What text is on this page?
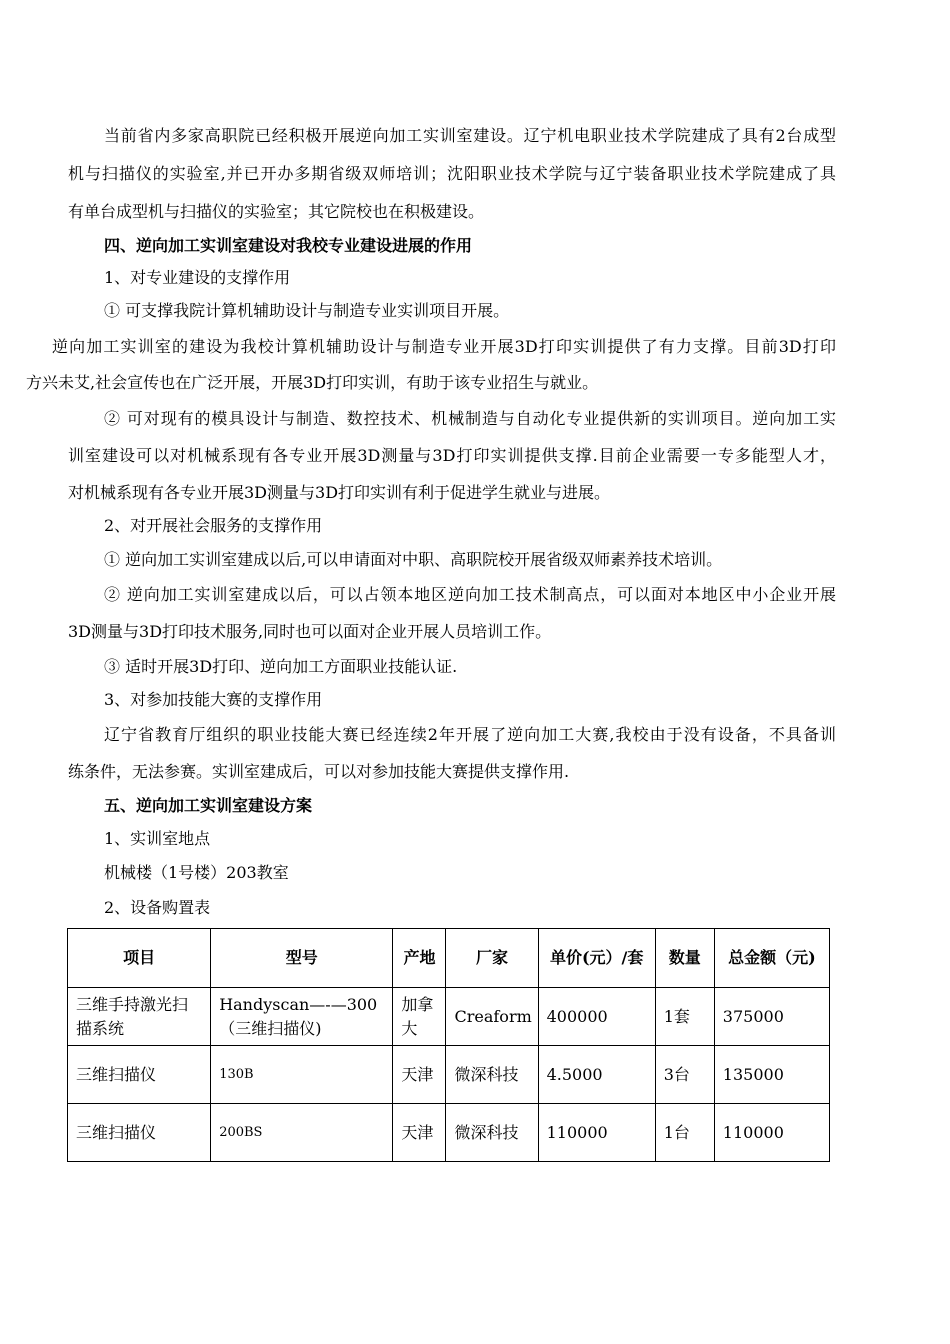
当前省内多家高职院已经积极开展逆向加工实训室建设。辽宁机电职业技术学院建成了具有2台成型
机与扫描仪的实验室,并已开办多期省级双师培训；沈阳职业技术学院与辽宁装备职业技术学院建成了具
有单台成型机与扫描仪的实验室；其它院校也在积极建设。
四、逆向加工实训室建设对我校专业建设进展的作用
1、对专业建设的支撑作用
① 可支撑我院计算机辅助设计与制造专业实训项目开展。
逆向加工实训室的建设为我校计算机辅助设计与制造专业开展3D打印实训提供了有力支撑。目前3D打印
方兴未艾,社会宣传也在广泛开展，开展3D打印实训，有助于该专业招生与就业。
② 可对现有的模具设计与制造、数控技术、机械制造与自动化专业提供新的实训项目。逆向加工实
训室建设可以对机械系现有各专业开展3D测量与3D打印实训提供支撑.目前企业需要一专多能型人才，
对机械系现有各专业开展3D测量与3D打印实训有利于促进学生就业与进展。
2、对开展社会服务的支撑作用
① 逆向加工实训室建成以后,可以申请面对中职、高职院校开展省级双师素养技术培训。
② 逆向加工实训室建成以后，可以占领本地区逆向加工技术制高点，可以面对本地区中小企业开展
3D测量与3D打印技术服务,同时也可以面对企业开展人员培训工作。
③ 适时开展3D打印、逆向加工方面职业技能认证.
3、对参加技能大赛的支撑作用
辽宁省教育厅组织的职业技能大赛已经连续2年开展了逆向加工大赛,我校由于没有设备，不具备训
练条件，无法参赛。实训室建成后，可以对参加技能大赛提供支撑作用.
五、逆向加工实训室建设方案
1、实训室地点
机械楼（1号楼）203教室
2、设备购置表
项目	型号	产地	厂家	单价(元）/套	数量	总金额（元)
三维手持激光扫描系统	Handyscan—-—300（三维扫描仪)	加拿大	Creaform	400000	1套	375000
三维扫描仪	130B	天津	微深科技	4.5000	3台	135000
三维扫描仪	200BS	天津	微深科技	110000	1台	110000
